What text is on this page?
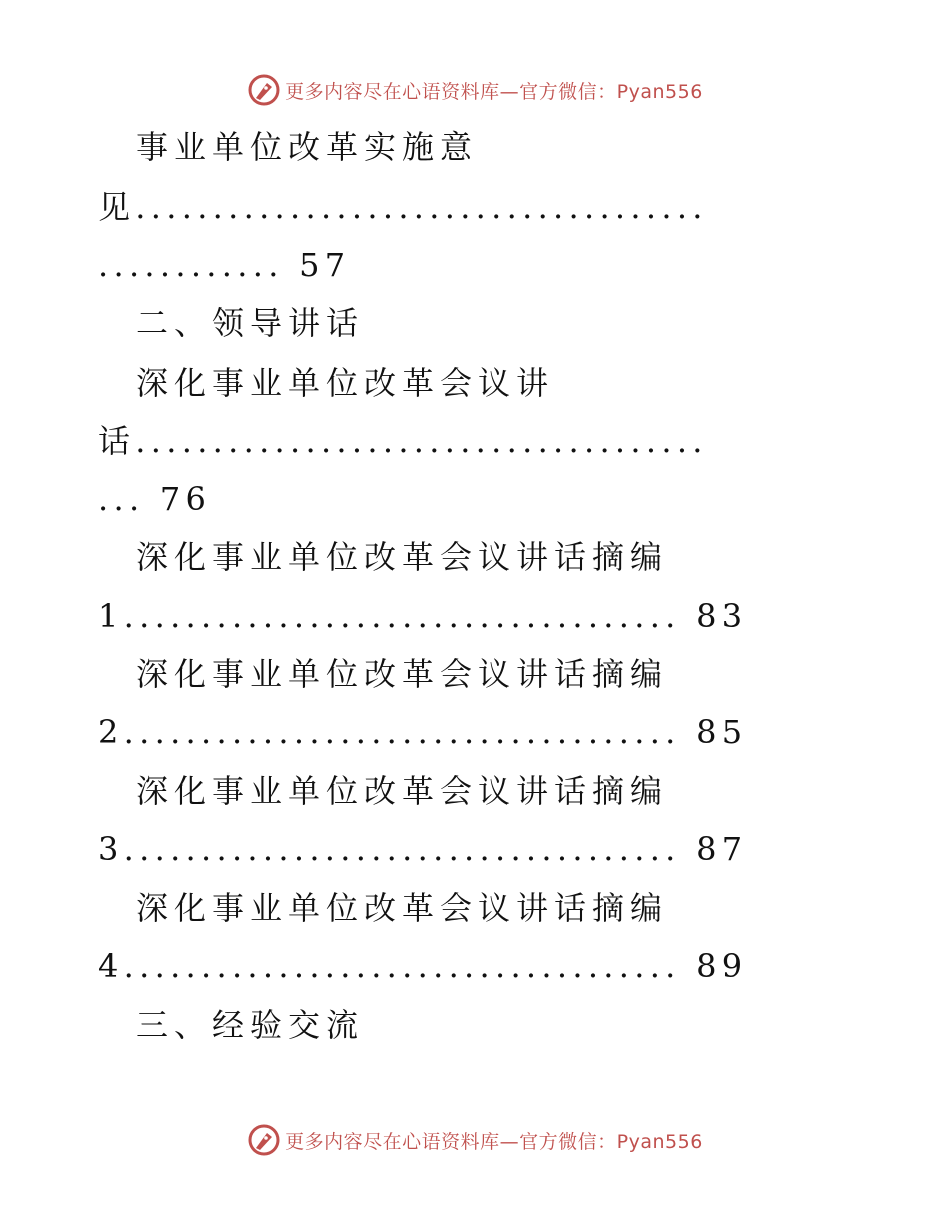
更多内容尽在心语资料库—官方微信：Pyan556
事业单位改革实施意
见.....................................
............ 57
二、领导讲话
深化事业单位改革会议讲
话.....................................
... 76
深化事业单位改革会议讲话摘编
1.................................... 83
深化事业单位改革会议讲话摘编
2.................................... 85
深化事业单位改革会议讲话摘编
3.................................... 87
深化事业单位改革会议讲话摘编
4.................................... 89
三、经验交流
更多内容尽在心语资料库—官方微信：Pyan556
